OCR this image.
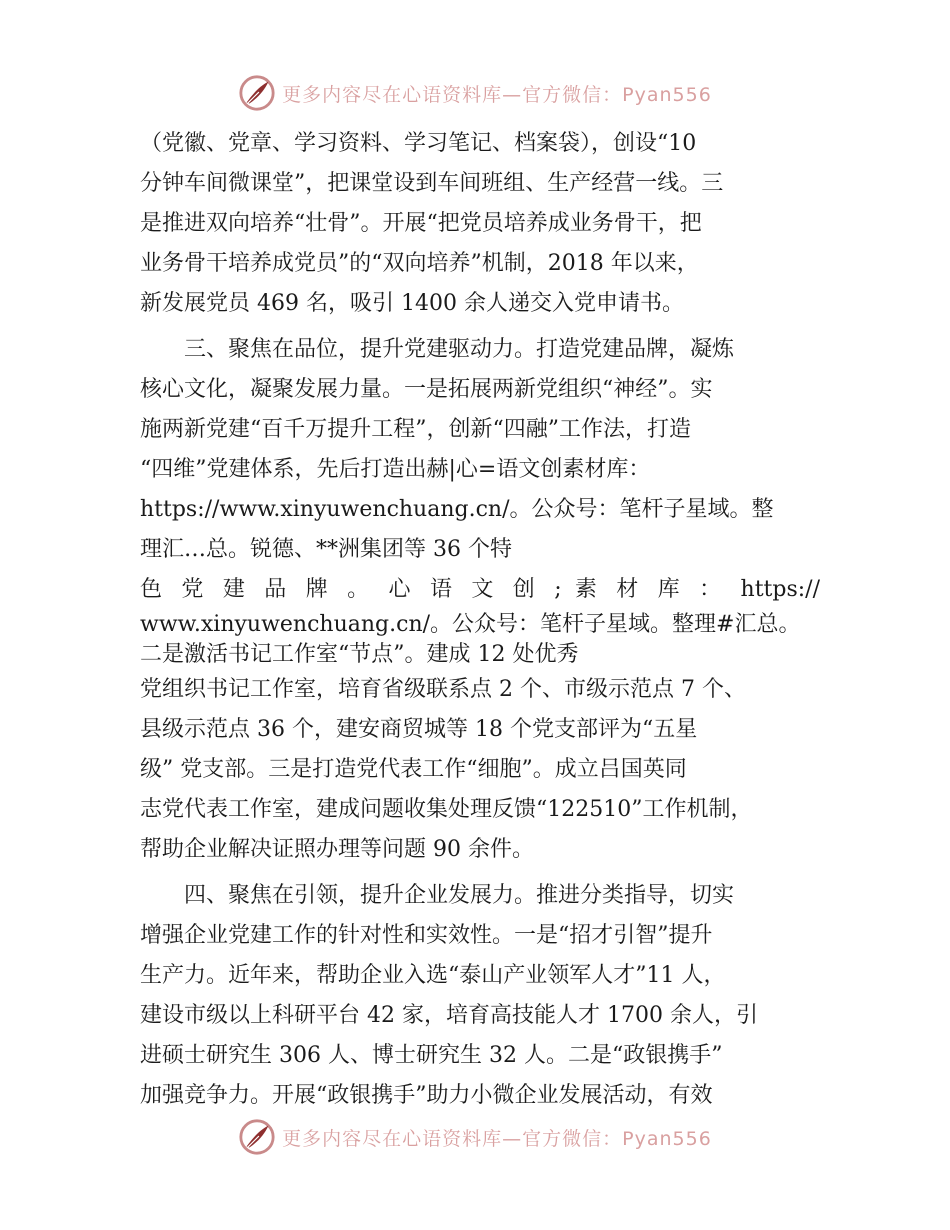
更多内容尽在心语资料库—官方微信：Pyan556
（党徽、党章、学习资料、学习笔记、档案袋），创设“10
分钟车间微课堂”，把课堂设到车间班组、生产经营一线。三
是推进双向培养“壮骨”。开展“把党员培养成业务骨干，把
业务骨干培养成党员”的“双向培养”机制，2018 年以来，
新发展党员 469 名，吸引 1400 余人递交入党申请书。
三、聚焦在品位，提升党建驱动力。打造党建品牌，凝炼
核心文化，凝聚发展力量。一是拓展两新党组织“神经”。实
施两新党建“百千万提升工程”，创新“四融”工作法，打造
“四维”党建体系，先后打造出赫|心=语文创素材库：
https://www.xinyuwenchuang.cn/。公众号：笔杆子星域。整
理汇…总。锐德、**洲集团等 36 个特
色 党 建 品 牌 。 心 语 文 创 ; 素 材 库 ： https://
www.xinyuwenchuang.cn/。公众号：笔杆子星域。整理#汇总。
二是激活书记工作室“节点”。建成 12 处优秀
党组织书记工作室，培育省级联系点 2 个、市级示范点 7 个、
县级示范点 36 个，建安商贸城等 18 个党支部评为“五星
级” 党支部。三是打造党代表工作“细胞”。成立吕国英同
志党代表工作室，建成问题收集处理反馈“122510”工作机制，
帮助企业解决证照办理等问题 90 余件。
四、聚焦在引领，提升企业发展力。推进分类指导，切实
增强企业党建工作的针对性和实效性。一是“招才引智”提升
生产力。近年来，帮助企业入选“泰山产业领军人才”11 人，
建设市级以上科研平台 42 家，培育高技能人才 1700 余人，引
进硕士研究生 306 人、博士研究生 32 人。二是“政银携手”
加强竞争力。开展“政银携手”助力小微企业发展活动，有效
更多内容尽在心语资料库—官方微信：Pyan556
